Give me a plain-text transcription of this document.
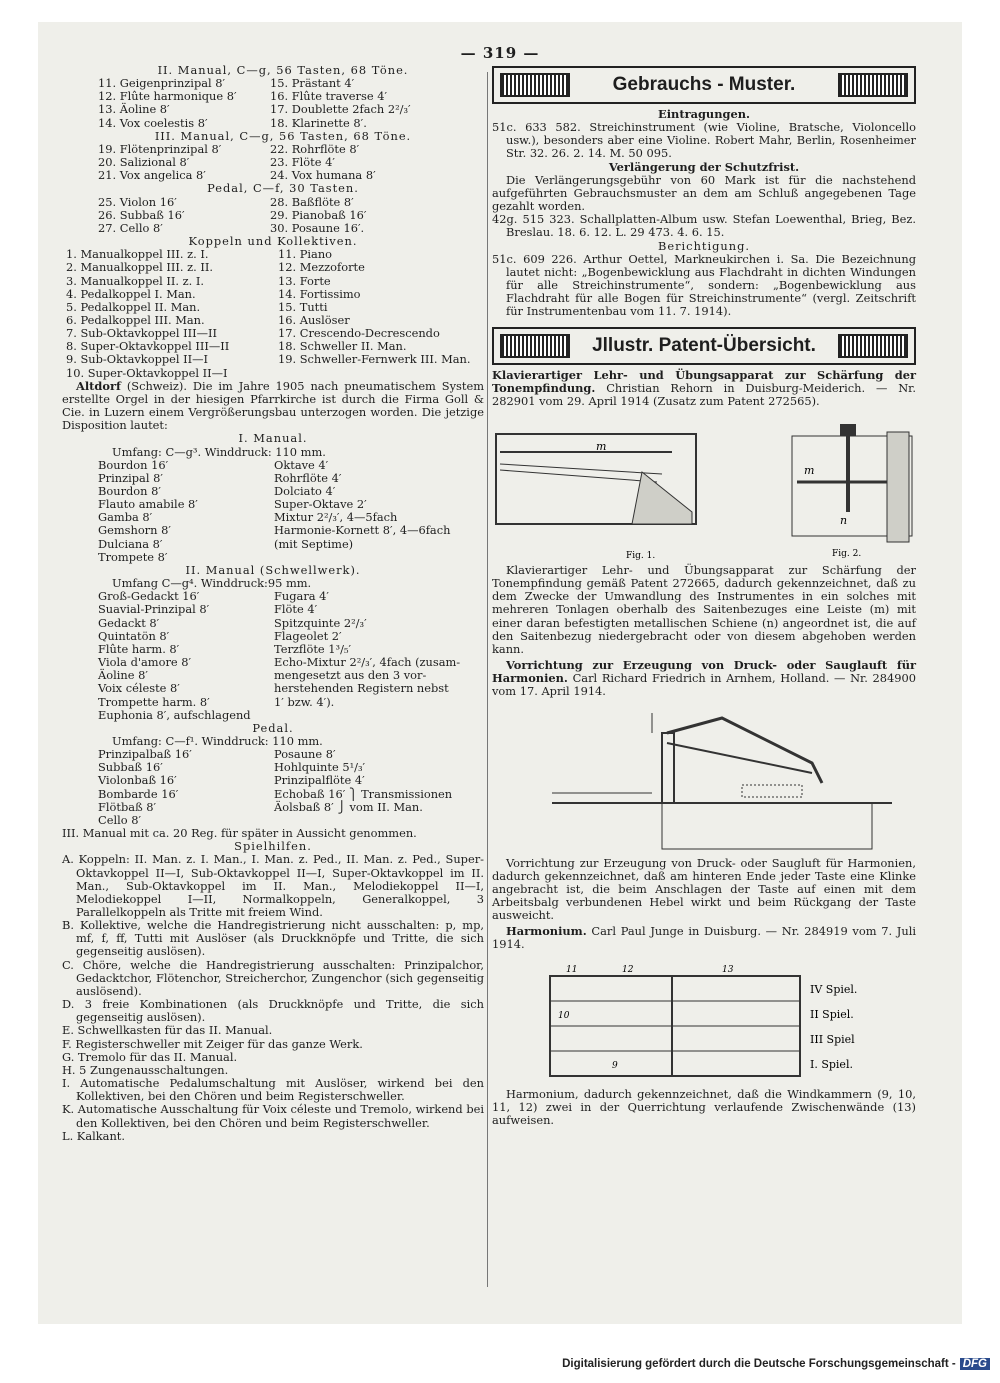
— 319 —
II. Manual, C—g, 56 Tasten, 68 Töne.
11. Geigenprinzipal 8′	15. Prästant 4′
12. Flûte harmonique 8′	16. Flûte traverse 4′
13. Äoline 8′	17. Doublette 2fach 2²/₃′
14. Vox coelestis 8′	18. Klarinette 8′.
III. Manual, C—g, 56 Tasten, 68 Töne.
19. Flötenprinzipal 8′	22. Rohrflöte 8′
20. Salizional 8′	23. Flöte 4′
21. Vox angelica 8′	24. Vox humana 8′
Pedal, C—f, 30 Tasten.
25. Violon 16′	28. Baßflöte 8′
26. Subbaß 16′	29. Pianobaß 16′
27. Cello 8′	30. Posaune 16′.
Koppeln und Kollektiven.
1. Manualkoppel III. z. I.	11. Piano
2. Manualkoppel III. z. II.	12. Mezzoforte
3. Manualkoppel II. z. I.	13. Forte
4. Pedalkoppel I. Man.	14. Fortissimo
5. Pedalkoppel II. Man.	15. Tutti
6. Pedalkoppel III. Man.	16. Auslöser
7. Sub-Oktavkoppel III—II	17. Crescendo-Decrescendo
8. Super-Oktavkoppel III—II	18. Schweller II. Man.
9. Sub-Oktavkoppel II—I	19. Schweller-Fernwerk III. Man.
10. Super-Oktavkoppel II—I
Altdorf (Schweiz). Die im Jahre 1905 nach pneumatischem System erstellte Orgel in der hiesigen Pfarrkirche ist durch die Firma Goll & Cie. in Luzern einem Vergrößerungsbau unterzogen worden. Die jetzige Disposition lautet:
I. Manual.
Umfang: C—g³. Winddruck: 110 mm.
Bourdon 16′	Oktave 4′
Prinzipal 8′	Rohrflöte 4′
Bourdon 8′	Dolciato 4′
Flauto amabile 8′	Super-Oktave 2′
Gamba 8′	Mixtur 2²/₃′, 4—5fach
Gemshorn 8′	Harmonie-Kornett 8′, 4—6fach
Dulciana 8′	(mit Septime)
Trompete 8′
II. Manual (Schwellwerk).
Umfang C—g⁴. Winddruck:95 mm.
Groß-Gedackt 16′	Fugara 4′
Suavial-Prinzipal 8′	Flöte 4′
Gedackt 8′	Spitzquinte 2²/₃′
Quintatön 8′	Flageolet 2′
Flûte harm. 8′	Terzflöte 1³/₅′
Viola d'amore 8′	Echo-Mixtur 2²/₃′, 4fach (zusam-
Äoline 8′	mengesetzt aus den 3 vor-
Voix céleste 8′	herstehenden Registern nebst
Trompette harm. 8′	1′ bzw. 4′).
Euphonia 8′, aufschlagend
Pedal.
Umfang: C—f¹. Winddruck: 110 mm.
Prinzipalbaß 16′	Posaune 8′
Subbaß 16′	Hohlquinte 5¹/₃′
Violonbaß 16′	Prinzipalflöte 4′
Bombarde 16′	Echobaß 16′ ⎫ Transmissionen
Flötbaß 8′	Äolsbaß 8′ ⎭ vom II. Man.
Cello 8′
III. Manual mit ca. 20 Reg. für später in Aussicht genommen.
Spielhilfen.
A. Koppeln: II. Man. z. I. Man., I. Man. z. Ped., II. Man. z. Ped., Super-Oktavkoppel II—I, Sub-Oktavkoppel II—I, Super-Oktavkoppel im II. Man., Sub-Oktavkoppel im II. Man., Melodiekoppel II—I, Melodiekoppel I—II, Normalkoppeln, Generalkoppel, 3 Parallelkoppeln als Tritte mit freiem Wind.
B. Kollektive, welche die Handregistrierung nicht ausschalten: p, mp, mf, f, ff, Tutti mit Auslöser (als Druckknöpfe und Tritte, die sich gegenseitig auslösen).
C. Chöre, welche die Handregistrierung ausschalten: Prinzipalchor, Gedacktchor, Flötenchor, Streicherchor, Zungenchor (sich gegenseitig auslösend).
D. 3 freie Kombinationen (als Druckknöpfe und Tritte, die sich gegenseitig auslösen).
E. Schwellkasten für das II. Manual.
F. Registerschweller mit Zeiger für das ganze Werk.
G. Tremolo für das II. Manual.
H. 5 Zungenausschaltungen.
I. Automatische Pedalumschaltung mit Auslöser, wirkend bei den Kollektiven, bei den Chören und beim Registerschweller.
K. Automatische Ausschaltung für Voix céleste und Tremolo, wirkend bei den Kollektiven, bei den Chören und beim Registerschweller.
L. Kalkant.
Gebrauchs - Muster.
Eintragungen.
51c. 633 582. Streichinstrument (wie Violine, Bratsche, Violoncello usw.), besonders aber eine Violine. Robert Mahr, Berlin, Rosenheimer Str. 32. 26. 2. 14. M. 50 095.
Verlängerung der Schutzfrist.
Die Verlängerungsgebühr von 60 Mark ist für die nachstehend aufgeführten Gebrauchsmuster an dem am Schluß angegebenen Tage gezahlt worden.
42g. 515 323. Schallplatten-Album usw. Stefan Loewenthal, Brieg, Bez. Breslau. 18. 6. 12. L. 29 473. 4. 6. 15.
Berichtigung.
51c. 609 226. Arthur Oettel, Markneukirchen i. Sa. Die Bezeichnung lautet nicht: „Bogenbewicklung aus Flachdraht in dichten Windungen für alle Streichinstrumente“, sondern: „Bogenbewicklung aus Flachdraht für alle Bogen für Streichinstrumente“ (vergl. Zeitschrift für Instrumentenbau vom 11. 7. 1914).
Jllustr. Patent-Übersicht.
Klavierartiger Lehr- und Übungsapparat zur Schärfung der Tonempfindung. Christian Rehorn in Duisburg-Meiderich. — Nr. 282901 vom 29. April 1914 (Zusatz zum Patent 272565).
m
Fig. 1.
m
n
Fig. 2.
Klavierartiger Lehr- und Übungsapparat zur Schärfung der Tonempfindung gemäß Patent 272665, dadurch gekennzeichnet, daß zu dem Zwecke der Umwandlung des Instrumentes in ein solches mit mehreren Tonlagen oberhalb des Saitenbezuges eine Leiste (m) mit einer daran befestigten metallischen Schiene (n) angeordnet ist, die auf den Saitenbezug niedergebracht oder von diesem abgehoben werden kann.
Vorrichtung zur Erzeugung von Druck- oder Sauglauft für Harmonien. Carl Richard Friedrich in Arnhem, Holland. — Nr. 284900 vom 17. April 1914.
Vorrichtung zur Erzeugung von Druck- oder Saugluft für Harmonien, dadurch gekennzeichnet, daß am hinteren Ende jeder Taste eine Klinke angebracht ist, die beim Anschlagen der Taste auf einen mit dem Arbeitsbalg verbundenen Hebel wirkt und beim Rückgang der Taste ausweicht.
Harmonium. Carl Paul Junge in Duisburg. — Nr. 284919 vom 7. Juli 1914.
11	12	13
10
9
IV Spiel.
II Spiel.
III Spiel
I. Spiel.
Harmonium, dadurch gekennzeichnet, daß die Windkammern (9, 10, 11, 12) zwei in der Querrichtung verlaufende Zwischenwände (13) aufweisen.
Digitalisierung gefördert durch die Deutsche Forschungsgemeinschaft - DFG
